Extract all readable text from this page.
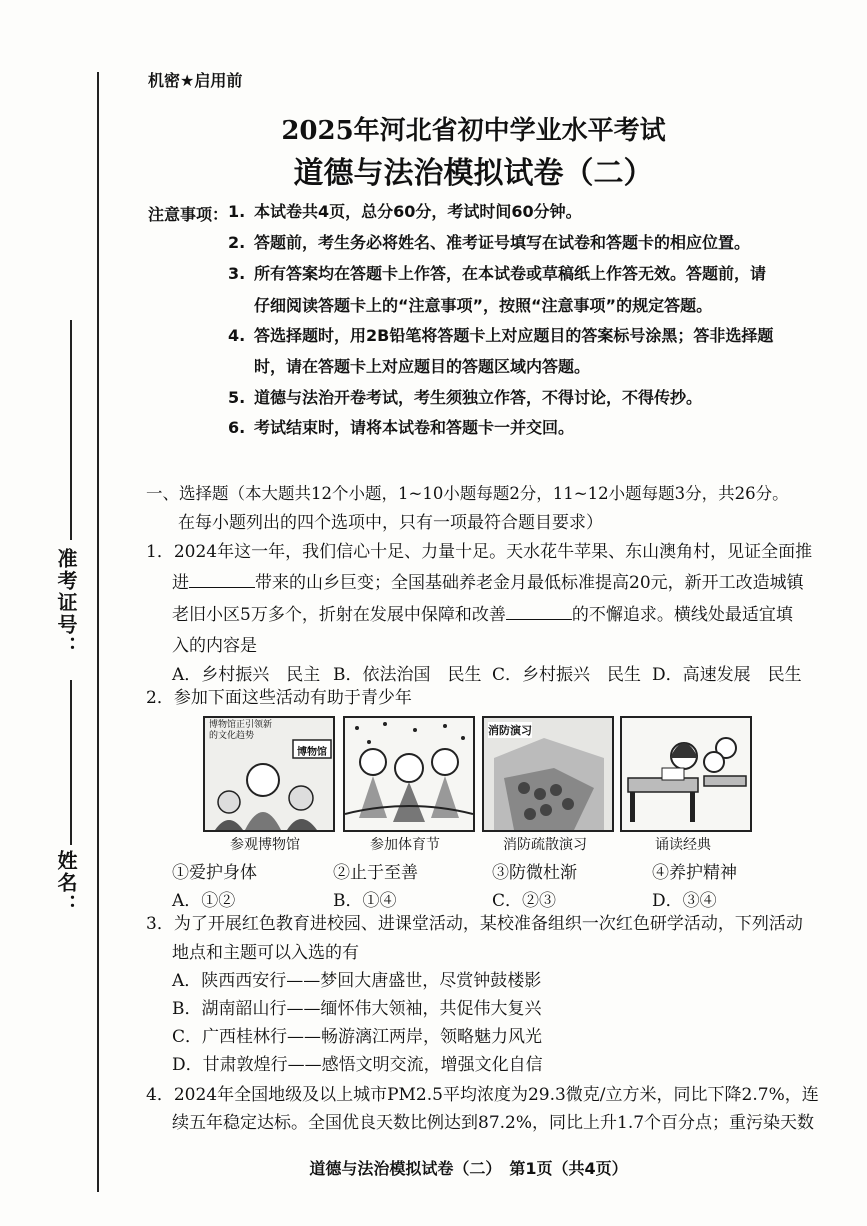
准考证号：
姓名：
机密★启用前
2025年河北省初中学业水平考试
道德与法治模拟试卷（二）
注意事项： 1. 本试卷共4页，总分60分，考试时间60分钟。
2. 答题前，考生务必将姓名、准考证号填写在试卷和答题卡的相应位置。
3. 所有答案均在答题卡上作答，在本试卷或草稿纸上作答无效。答题前，请
仔细阅读答题卡上的“注意事项”，按照“注意事项”的规定答题。
4. 答选择题时，用2B铅笔将答题卡上对应题目的答案标号涂黑；答非选择题
时，请在答题卡上对应题目的答题区域内答题。
5. 道德与法治开卷考试，考生须独立作答，不得讨论，不得传抄。
6. 考试结束时，请将本试卷和答题卡一并交回。
一、选择题（本大题共12个小题，1~10小题每题2分，11~12小题每题3分，共26分。
在每小题列出的四个选项中，只有一项最符合题目要求）
1．2024年这一年，我们信心十足、力量十足。天水花牛苹果、东山澳角村，见证全面推
进	带来的山乡巨变；全国基础养老金月最低标准提高20元，新开工改造城镇
老旧小区5万多个，折射在发展中保障和改善	的不懈追求。横线处最适宜填
入的内容是
A．乡村振兴　民主 B．依法治国　民生 C．乡村振兴　民生 D．高速发展　民生
2．参加下面这些活动有助于青少年
博物馆正引领新的文化趋势
博物馆
消防演习
参观博物馆	参加体育节	消防疏散演习	诵读经典
①爱护身体	②止于至善	③防微杜渐	④养护精神
A．①②	B．①④	C．②③	D．③④
3．为了开展红色教育进校园、进课堂活动，某校准备组织一次红色研学活动，下列活动
地点和主题可以入选的有
A．陕西西安行——梦回大唐盛世，尽赏钟鼓楼影
B．湖南韶山行——缅怀伟大领袖，共促伟大复兴
C．广西桂林行——畅游漓江两岸，领略魅力风光
D．甘肃敦煌行——感悟文明交流，增强文化自信
4．2024年全国地级及以上城市PM2.5平均浓度为29.3微克/立方米，同比下降2.7%，连
续五年稳定达标。全国优良天数比例达到87.2%，同比上升1.7个百分点；重污染天数
道德与法治模拟试卷（二）　第1页（共4页）
